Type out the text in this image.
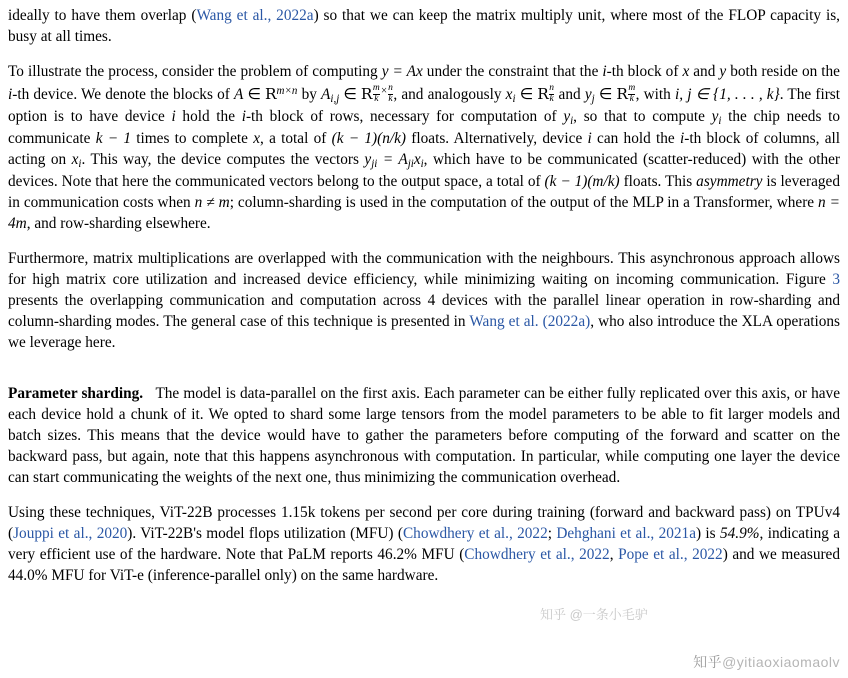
ideally to have them overlap (Wang et al., 2022a) so that we can keep the matrix multiply unit, where most of the FLOP capacity is, busy at all times.

To illustrate the process, consider the problem of computing y = Ax under the constraint that the i-th block of x and y both reside on the i-th device. We denote the blocks of A ∈ $R^{m\times n}$ by $A_{i,j}$ ∈ R $\frac{m}{k} ^\times \frac{n}{k}$ , and analogously $x_i$ ∈ R $\frac{n}{k}$ and $y_j$ ∈ R $\frac{m}{k}$ , with i, j ∈ {1, . . . , k}. The first option is to have device i hold the i-th block of rows, necessary for computation of $y_i$, so that to compute $y_i$ the chip needs to communicate k − 1 times to complete x, a total of (k − 1)(n/k) floats. Alternatively, device i can hold the i-th block of columns, all acting on $x_i$. This way, the device computes the vectors $y_{ji} = A_{ji}x_i$, which have to be communicated (scatter-reduced) with the other devices. Note that here the communicated vectors belong to the output space, a total of (k − 1)(m/k) floats. This asymmetry is leveraged in communication costs when n ≠ m; column-sharding is used in the computation of the output of the MLP in a Transformer, where n = 4m, and row-sharding elsewhere.

Furthermore, matrix multiplications are overlapped with the communication with the neighbours. This asynchronous approach allows for high matrix core utilization and increased device efficiency, while minimizing waiting on incoming communication. Figure 3 presents the overlapping communication and computation across 4 devices with the parallel linear operation in row-sharding and column-sharding modes. The general case of this technique is presented in Wang et al. (2022a), who also introduce the XLA operations we leverage here.

Parameter sharding. The model is data-parallel on the first axis. Each parameter can be either fully replicated over this axis, or have each device hold a chunk of it. We opted to shard some large tensors from the model parameters to be able to fit larger models and batch sizes. This means that the device would have to gather the parameters before computing of the forward and scatter on the backward pass, but again, note that this happens asynchronous with computation. In particular, while computing one layer the device can start communicating the weights of the next one, thus minimizing the communication overhead.

Using these techniques, ViT-22B processes 1.15k tokens per second per core during training (forward and backward pass) on TPUv4 (Jouppi et al., 2020). ViT-22B's model flops utilization (MFU) (Chowdhery et al., 2022; Dehghani et al., 2021a) is 54.9%, indicating a very efficient use of the hardware. Note that PaLM reports 46.2% MFU (Chowdhery et al., 2022, Pope et al., 2022) and we measured 44.0% MFU for ViT-e (inference-parallel only) on the same hardware.

知乎 @一条小毛驴
知乎@yitiaoxiaomaolv
